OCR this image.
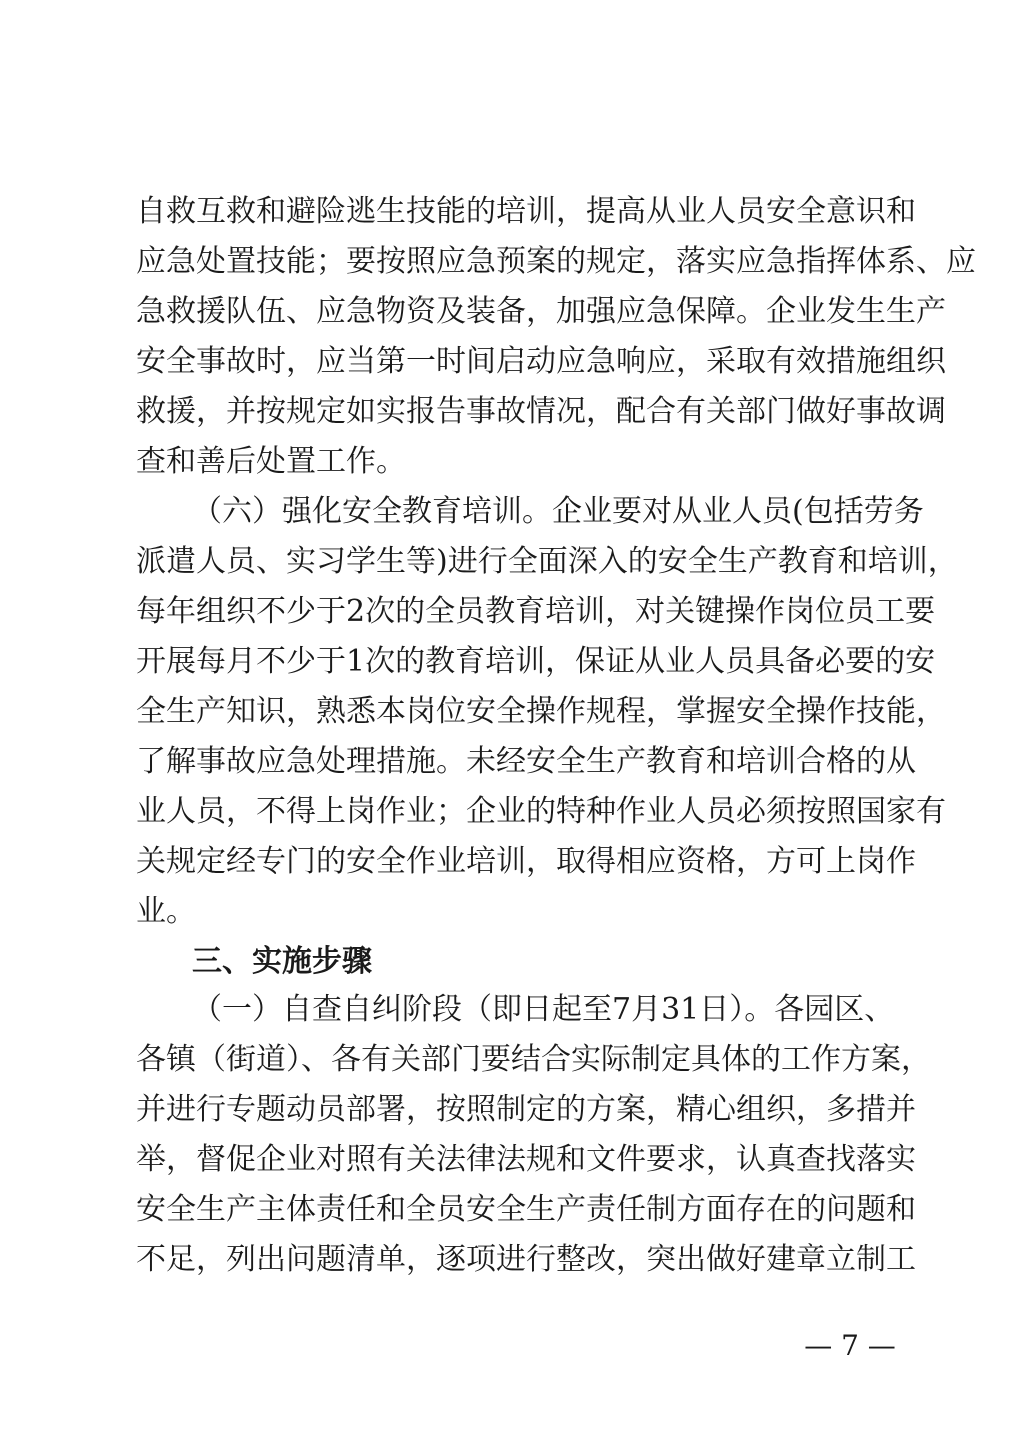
自救互救和避险逃生技能的培训，提高从业人员安全意识和
应急处置技能；要按照应急预案的规定，落实应急指挥体系、应
急救援队伍、应急物资及装备，加强应急保障。企业发生生产
安全事故时，应当第一时间启动应急响应，采取有效措施组织
救援，并按规定如实报告事故情况，配合有关部门做好事故调
查和善后处置工作。
（六）强化安全教育培训。企业要对从业人员(包括劳务
派遣人员、实习学生等)进行全面深入的安全生产教育和培训，
每年组织不少于2次的全员教育培训，对关键操作岗位员工要
开展每月不少于1次的教育培训，保证从业人员具备必要的安
全生产知识，熟悉本岗位安全操作规程，掌握安全操作技能，
了解事故应急处理措施。未经安全生产教育和培训合格的从
业人员，不得上岗作业；企业的特种作业人员必须按照国家有
关规定经专门的安全作业培训，取得相应资格，方可上岗作
业。
三、实施步骤
（一）自查自纠阶段（即日起至7月31日）。各园区、
各镇（街道）、各有关部门要结合实际制定具体的工作方案，
并进行专题动员部署，按照制定的方案，精心组织，多措并
举，督促企业对照有关法律法规和文件要求，认真查找落实
安全生产主体责任和全员安全生产责任制方面存在的问题和
不足，列出问题清单，逐项进行整改，突出做好建章立制工
— 7 —
